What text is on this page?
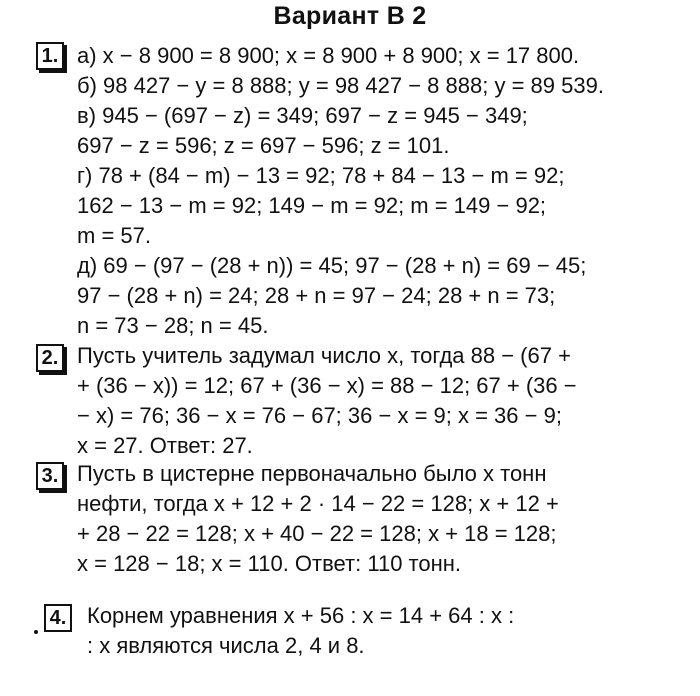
Вариант В 2
1. а) x − 8 900 = 8 900; x = 8 900 + 8 900; x = 17 800.
б) 98 427 − y = 8 888; y = 98 427 − 8 888; y = 89 539.
в) 945 − (697 − z) = 349; 697 − z = 945 − 349;
697 − z = 596; z = 697 − 596; z = 101.
г) 78 + (84 − m) − 13 = 92; 78 + 84 − 13 − m = 92;
162 − 13 − m = 92; 149 − m = 92; m = 149 − 92;
m = 57.
д) 69 − (97 − (28 + n)) = 45; 97 − (28 + n) = 69 − 45;
97 − (28 + n) = 24; 28 + n = 97 − 24; 28 + n = 73;
n = 73 − 28; n = 45.
2. Пусть учитель задумал число x, тогда 88 − (67 +
+ (36 − x)) = 12; 67 + (36 − x) = 88 − 12; 67 + (36 −
− x) = 76; 36 − x = 76 − 67; 36 − x = 9; x = 36 − 9;
x = 27. Ответ: 27.
3. Пусть в цистерне первоначально было x тонн
нефти, тогда x + 12 + 2 · 14 − 22 = 128; x + 12 +
+ 28 − 22 = 128; x + 40 − 22 = 128; x + 18 = 128;
x = 128 − 18; x = 110. Ответ: 110 тонн.
4. Корнем уравнения x + 56 : x = 14 + 64 : x :
: x являются числа 2, 4 и 8.
